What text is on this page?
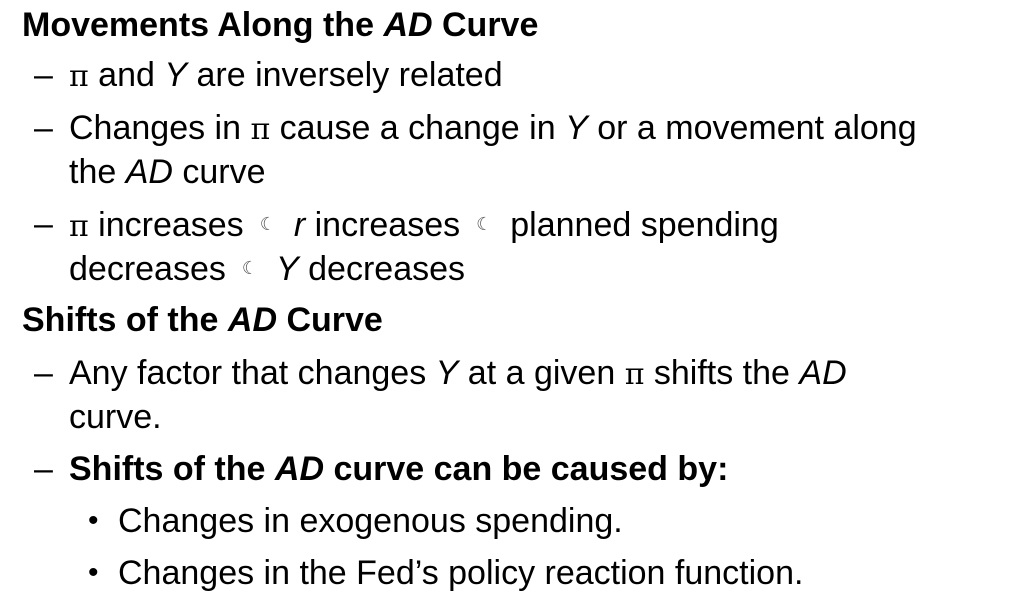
Movements Along the AD Curve
– π and Y are inversely related
– Changes in π cause a change in Y or a movement along
the AD curve
– π increases ☾ r increases ☾ planned spending
decreases ☾ Y decreases
Shifts of the AD Curve
– Any factor that changes Y at a given π shifts the AD
curve.
– Shifts of the AD curve can be caused by:
• Changes in exogenous spending.
• Changes in the Fed’s policy reaction function.
